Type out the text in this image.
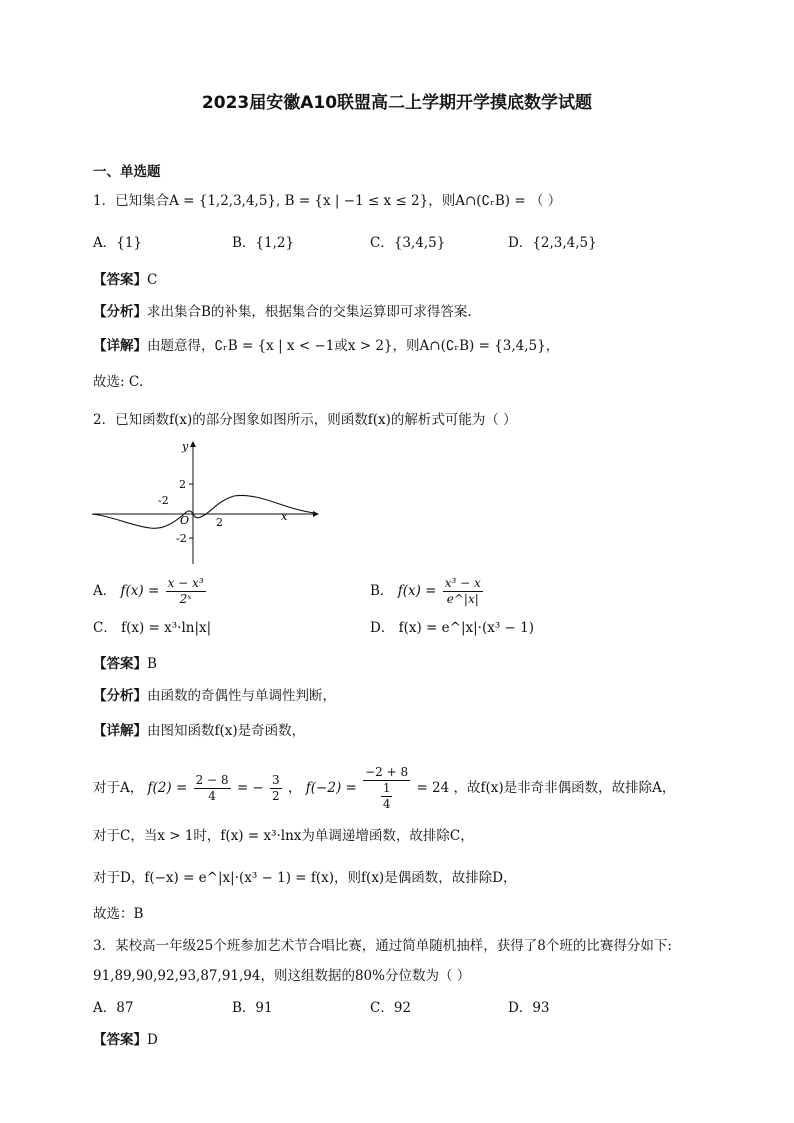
2023届安徽A10联盟高二上学期开学摸底数学试题
一、单选题
1．已知集合A = {1,2,3,4,5}, B = {x | −1 ≤ x ≤ 2}，则A∩(∁ᵣB) = （ ）
A．{1}	B．{1,2}	C．{3,4,5}	D．{2,3,4,5}
【答案】C
【分析】求出集合B的补集，根据集合的交集运算即可求得答案.
【详解】由题意得，∁ᵣB = {x | x < −1或x > 2}，则A∩(∁ᵣB) = {3,4,5}，
故选: C．
2．已知函数f(x)的部分图象如图所示，则函数f(x)的解析式可能为（ ）
x
y
O
2
-2
2
-2
A． $f(x) = \frac{\text{x − x³}}{\text{2ˣ}}$	B． $f(x) = \frac{\text{x³ − x}}{e\^{}|x|}$
C． f(x) = x³·ln|x|	D． f(x) = e^|x|·(x³ − 1)
【答案】B
【分析】由函数的奇偶性与单调性判断，
【详解】由图知函数f(x)是奇函数，
对于A， $f(2) = \frac{2 - 8}{4}$ = − $\frac{3}{2}$ ， $f(-2) = \frac{-2 + 8}{\frac{1}{4}} = 24$ ，故f(x)是非奇非偶函数，故排除A，
对于C，当x > 1时，f(x) = x³·lnx为单调递增函数，故排除C，
对于D，f(−x) = e^|x|·(x³ − 1) = f(x)，则f(x)是偶函数，故排除D，
故选：B
3．某校高一年级25个班参加艺术节合唱比赛，通过简单随机抽样，获得了8个班的比赛得分如下:
91,89,90,92,93,87,91,94，则这组数据的80%分位数为（ ）
A．87	B．91	C．92	D．93
【答案】D
